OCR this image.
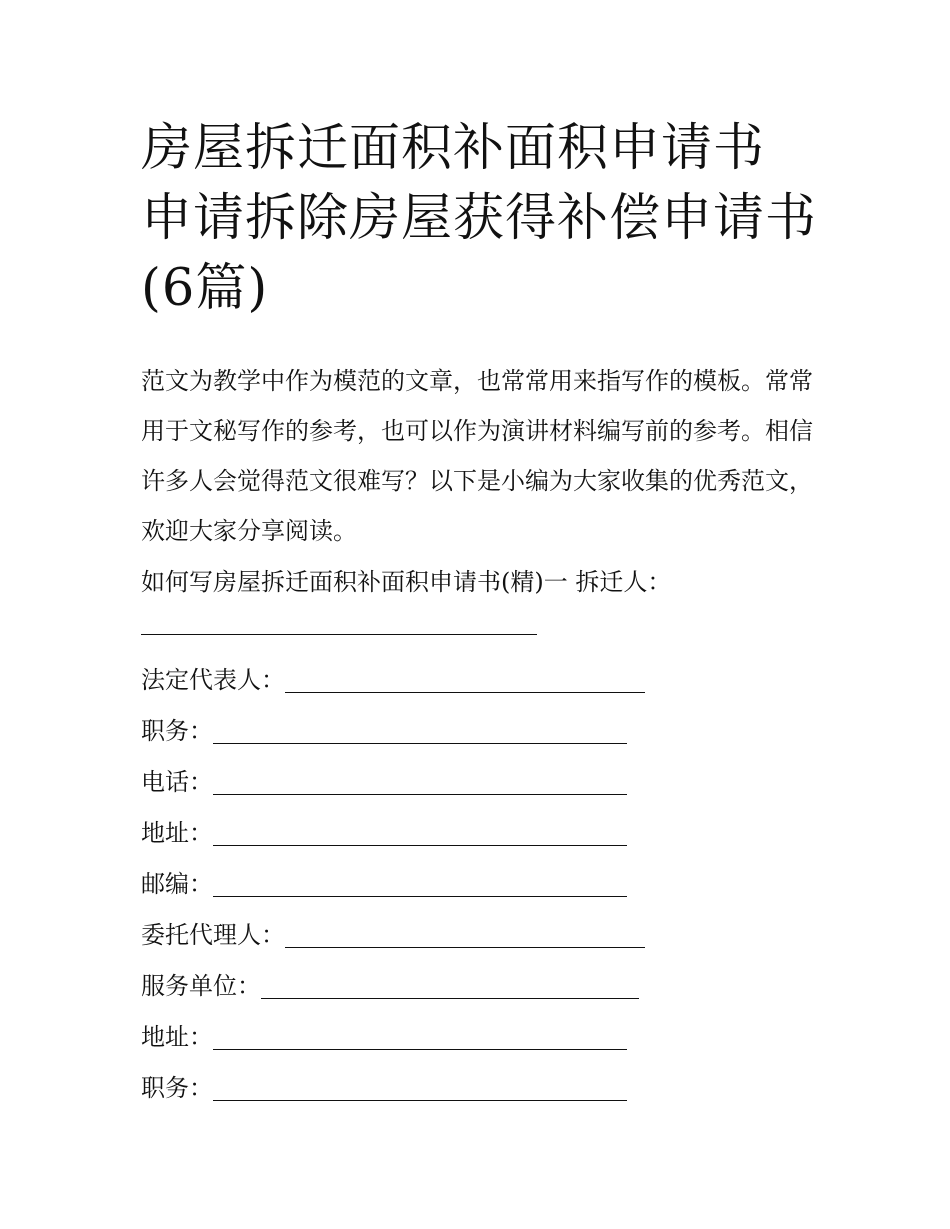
房屋拆迁面积补面积申请书 申请拆除房屋获得补偿申请书(6篇)

范文为教学中作为模范的文章，也常常用来指写作的模板。常常用于文秘写作的参考，也可以作为演讲材料编写前的参考。相信许多人会觉得范文很难写？以下是小编为大家收集的优秀范文，欢迎大家分享阅读。

如何写房屋拆迁面积补面积申请书(精)一 拆迁人：

法定代表人：
职务：
电话：
地址：
邮编：
委托代理人：
服务单位：
地址：
职务：
